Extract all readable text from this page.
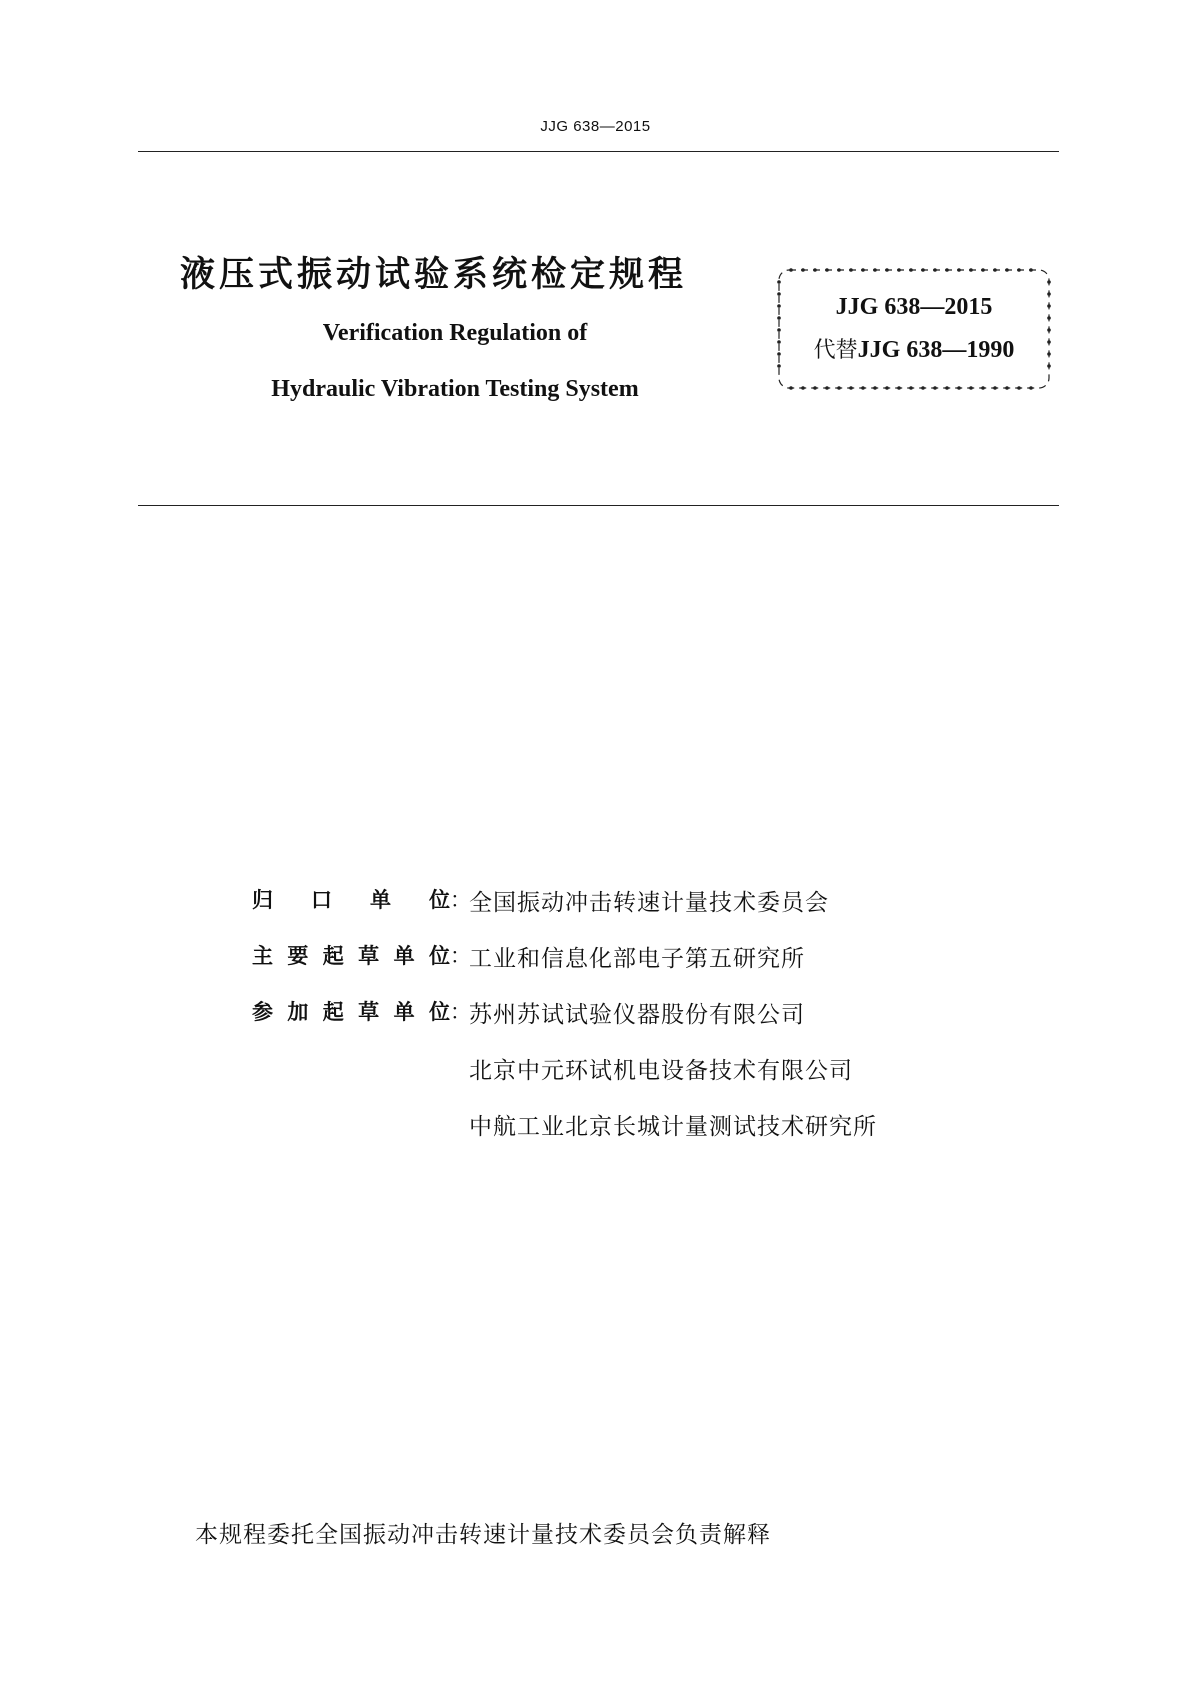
JJG 638—2015
液压式振动试验系统检定规程
Verification Regulation of
Hydraulic Vibration Testing System
JJG 638—2015
代替JJG 638—1990
归 口 单 位 ：
全国振动冲击转速计量技术委员会
主 要 起 草 单 位 ：
工业和信息化部电子第五研究所
参 加 起 草 单 位 ：
苏州苏试试验仪器股份有限公司
北京中元环试机电设备技术有限公司
中航工业北京长城计量测试技术研究所
本规程委托全国振动冲击转速计量技术委员会负责解释
